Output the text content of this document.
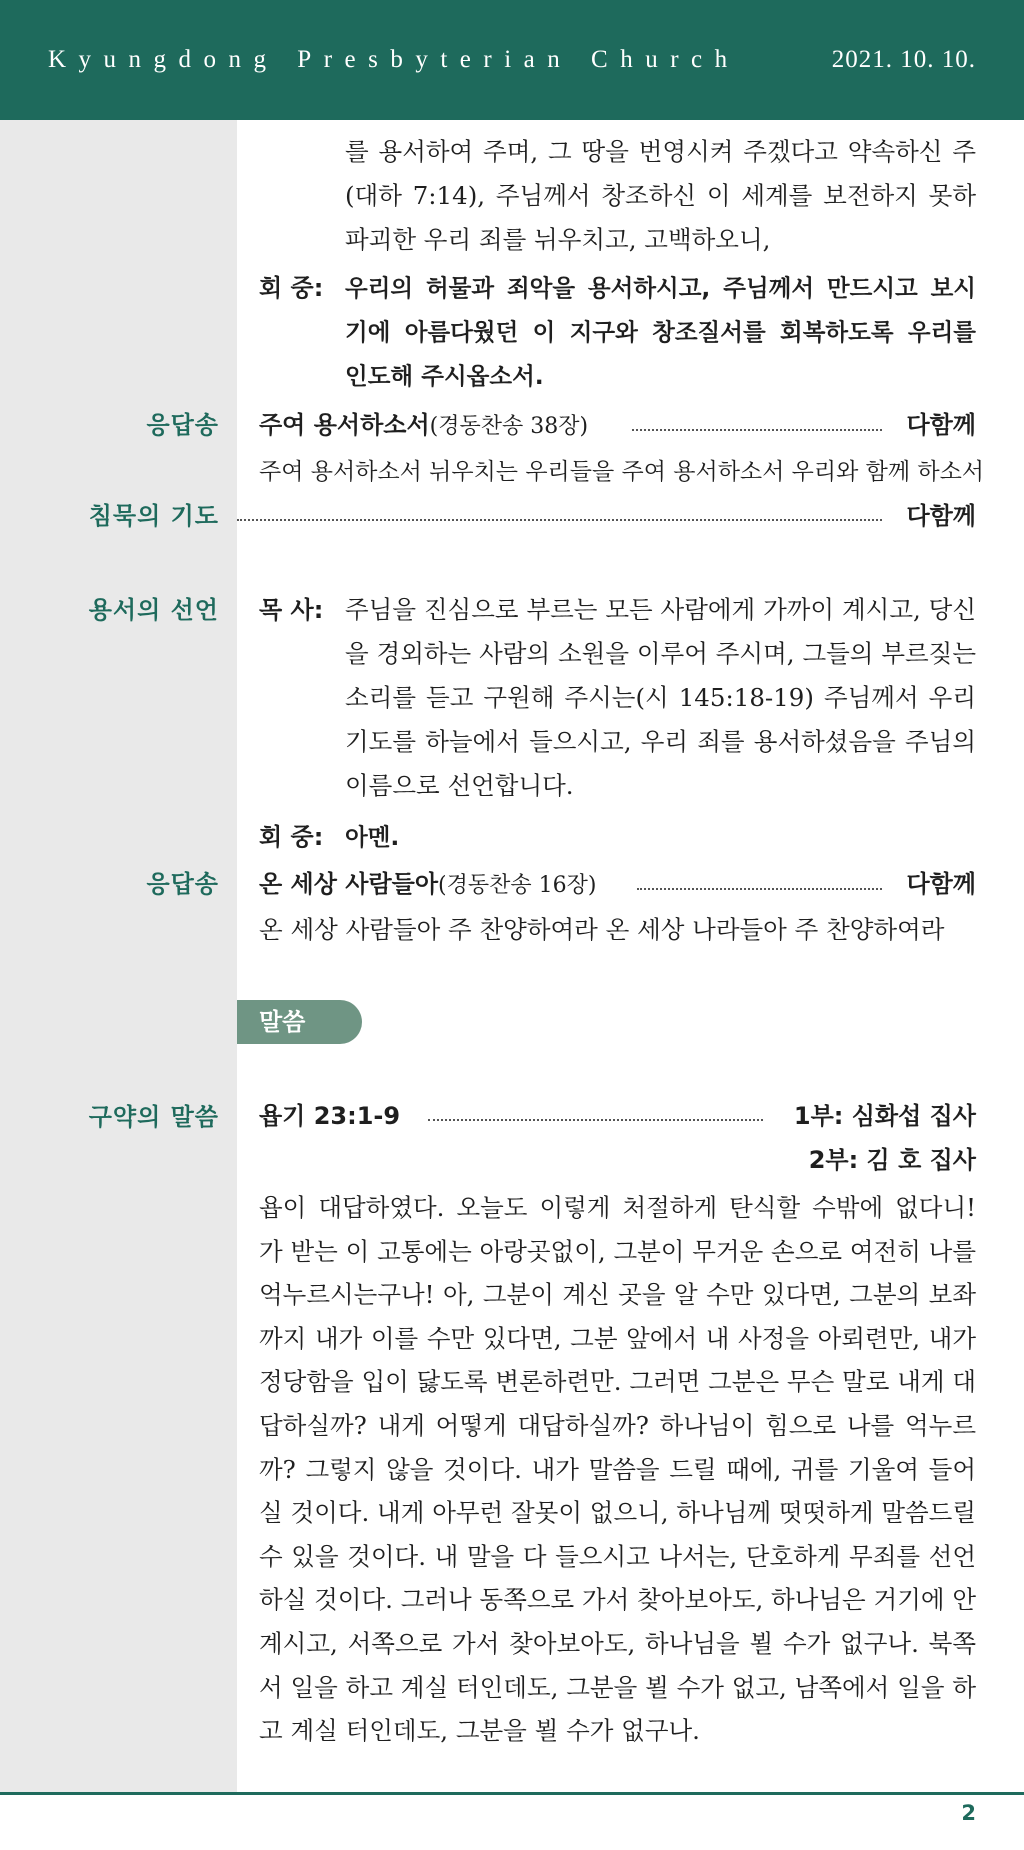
Kyungdong Presbyterian Church	2021. 10. 10.
를 용서하여 주며, 그 땅을 번영시켜 주겠다고 약속하신 주
(대하 7:14), 주님께서 창조하신 이 세계를 보전하지 못하
파괴한 우리 죄를 뉘우치고, 고백하오니,
회 중: 우리의 허물과 죄악을 용서하시고, 주님께서 만드시고 보시
기에 아름다웠던 이 지구와 창조질서를 회복하도록 우리를
인도해 주시옵소서.
응답송 주여 용서하소서(경동찬송 38장)	다함께
주여 용서하소서 뉘우치는 우리들을 주여 용서하소서 우리와 함께 하소서
침묵의 기도	다함께
용서의 선언 목 사: 주님을 진심으로 부르는 모든 사람에게 가까이 계시고, 당신
을 경외하는 사람의 소원을 이루어 주시며, 그들의 부르짖는
소리를 듣고 구원해 주시는(시 145:18-19) 주님께서 우리
기도를 하늘에서 들으시고, 우리 죄를 용서하셨음을 주님의
이름으로 선언합니다.
회 중: 아멘.
응답송 온 세상 사람들아(경동찬송 16장)	다함께
온 세상 사람들아 주 찬양하여라 온 세상 나라들아 주 찬양하여라
말씀
구약의 말씀 욥기 23:1-9	1부: 심화섭 집사
2부: 김 호 집사
욥이 대답하였다. 오늘도 이렇게 처절하게 탄식할 수밖에 없다니!
가 받는 이 고통에는 아랑곳없이, 그분이 무거운 손으로 여전히 나를
억누르시는구나! 아, 그분이 계신 곳을 알 수만 있다면, 그분의 보좌
까지 내가 이를 수만 있다면, 그분 앞에서 내 사정을 아뢰련만, 내가
정당함을 입이 닳도록 변론하련만. 그러면 그분은 무슨 말로 내게 대
답하실까? 내게 어떻게 대답하실까? 하나님이 힘으로 나를 억누르
까? 그렇지 않을 것이다. 내가 말씀을 드릴 때에, 귀를 기울여 들어
실 것이다. 내게 아무런 잘못이 없으니, 하나님께 떳떳하게 말씀드릴
수 있을 것이다. 내 말을 다 들으시고 나서는, 단호하게 무죄를 선언
하실 것이다. 그러나 동쪽으로 가서 찾아보아도, 하나님은 거기에 안
계시고, 서쪽으로 가서 찾아보아도, 하나님을 뵐 수가 없구나. 북쪽
서 일을 하고 계실 터인데도, 그분을 뵐 수가 없고, 남쪽에서 일을 하
고 계실 터인데도, 그분을 뵐 수가 없구나.
2
